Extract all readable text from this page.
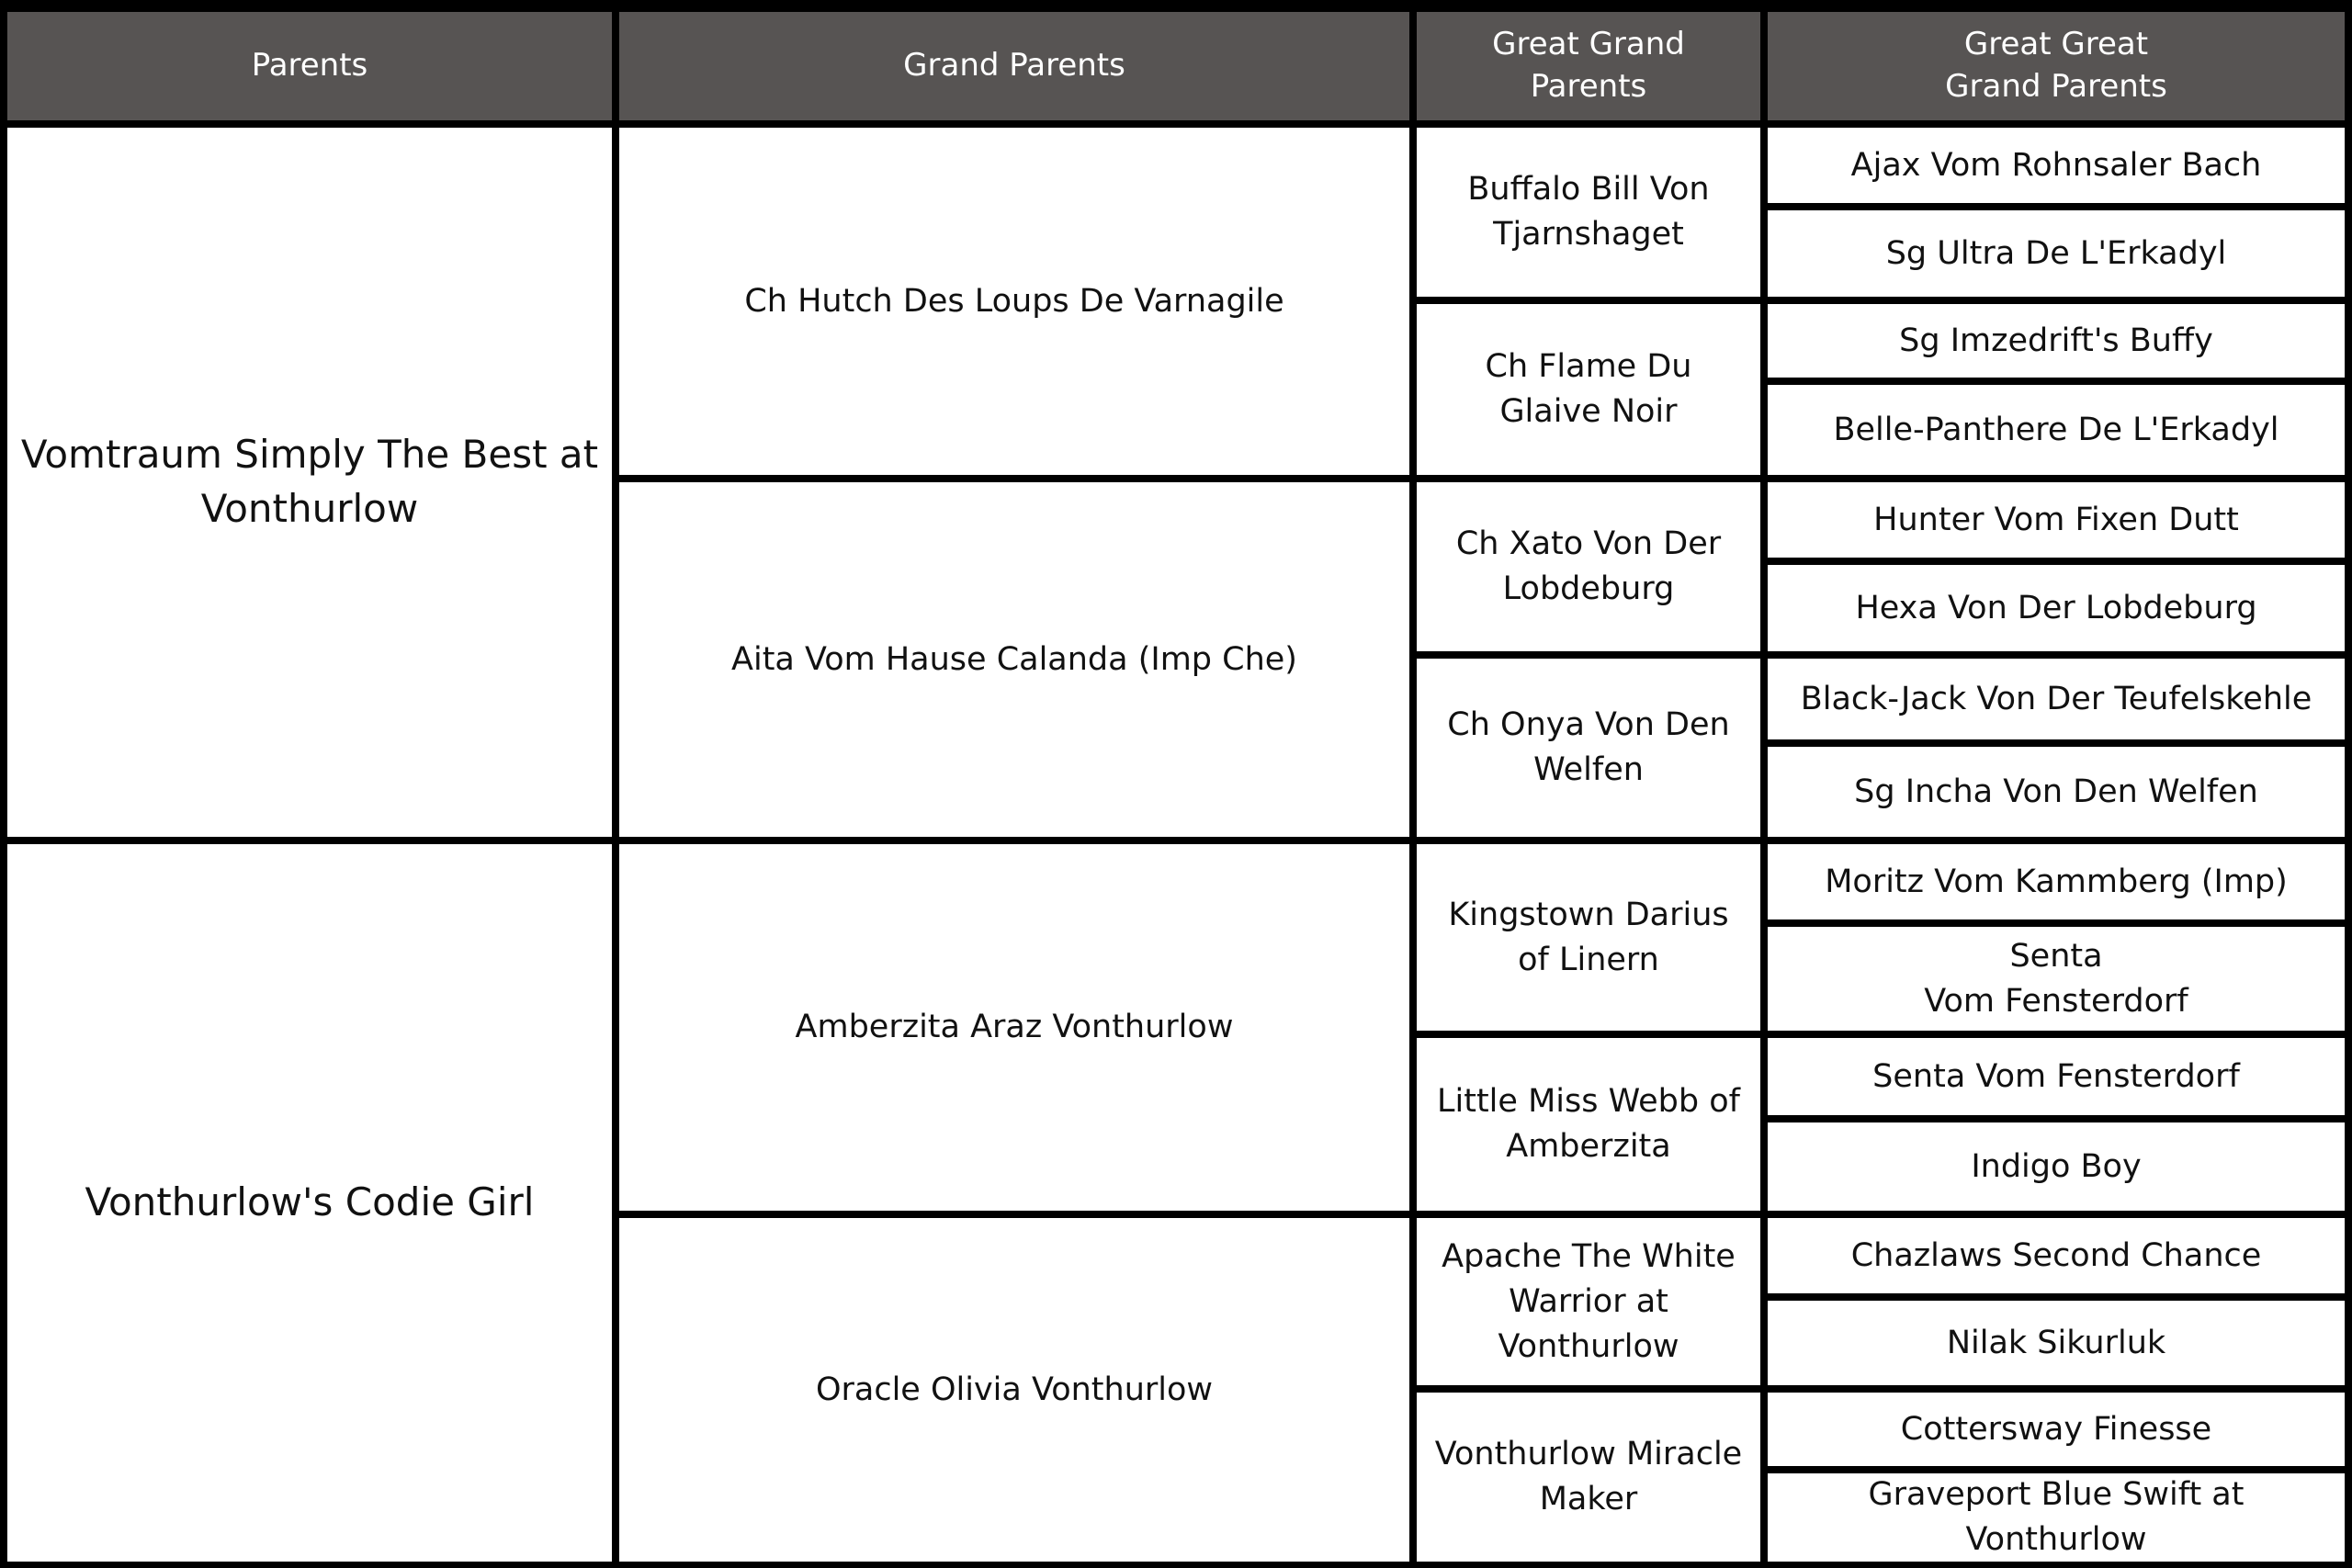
Parents	Grand Parents
Great Grand
Parents
Great Great
Grand Parents
Vomtraum Simply The Best at Vonthurlow
Vonthurlow's Codie Girl
Ch Hutch Des Loups De Varnagile
Aita Vom Hause Calanda (Imp Che)
Amberzita Araz Vonthurlow
Oracle Olivia Vonthurlow
Buffalo Bill Von Tjarnshaget
Ch Flame Du Glaive Noir
Ch Xato Von Der Lobdeburg
Ch Onya Von Den Welfen
Kingstown Darius of Linern
Little Miss Webb of Amberzita
Apache The White Warrior at Vonthurlow
Vonthurlow Miracle Maker
Ajax Vom Rohnsaler Bach
Sg Ultra De L'Erkadyl
Sg Imzedrift's Buffy
Belle-Panthere De L'Erkadyl
Hunter Vom Fixen Dutt
Hexa Von Der Lobdeburg
Black-Jack Von Der Teufelskehle
Sg Incha Von Den Welfen
Moritz Vom Kammberg (Imp)
Senta
Vom Fensterdorf
Senta Vom Fensterdorf
Indigo Boy
Chazlaws Second Chance
Nilak Sikurluk
Cottersway Finesse
Graveport Blue Swift at Vonthurlow
